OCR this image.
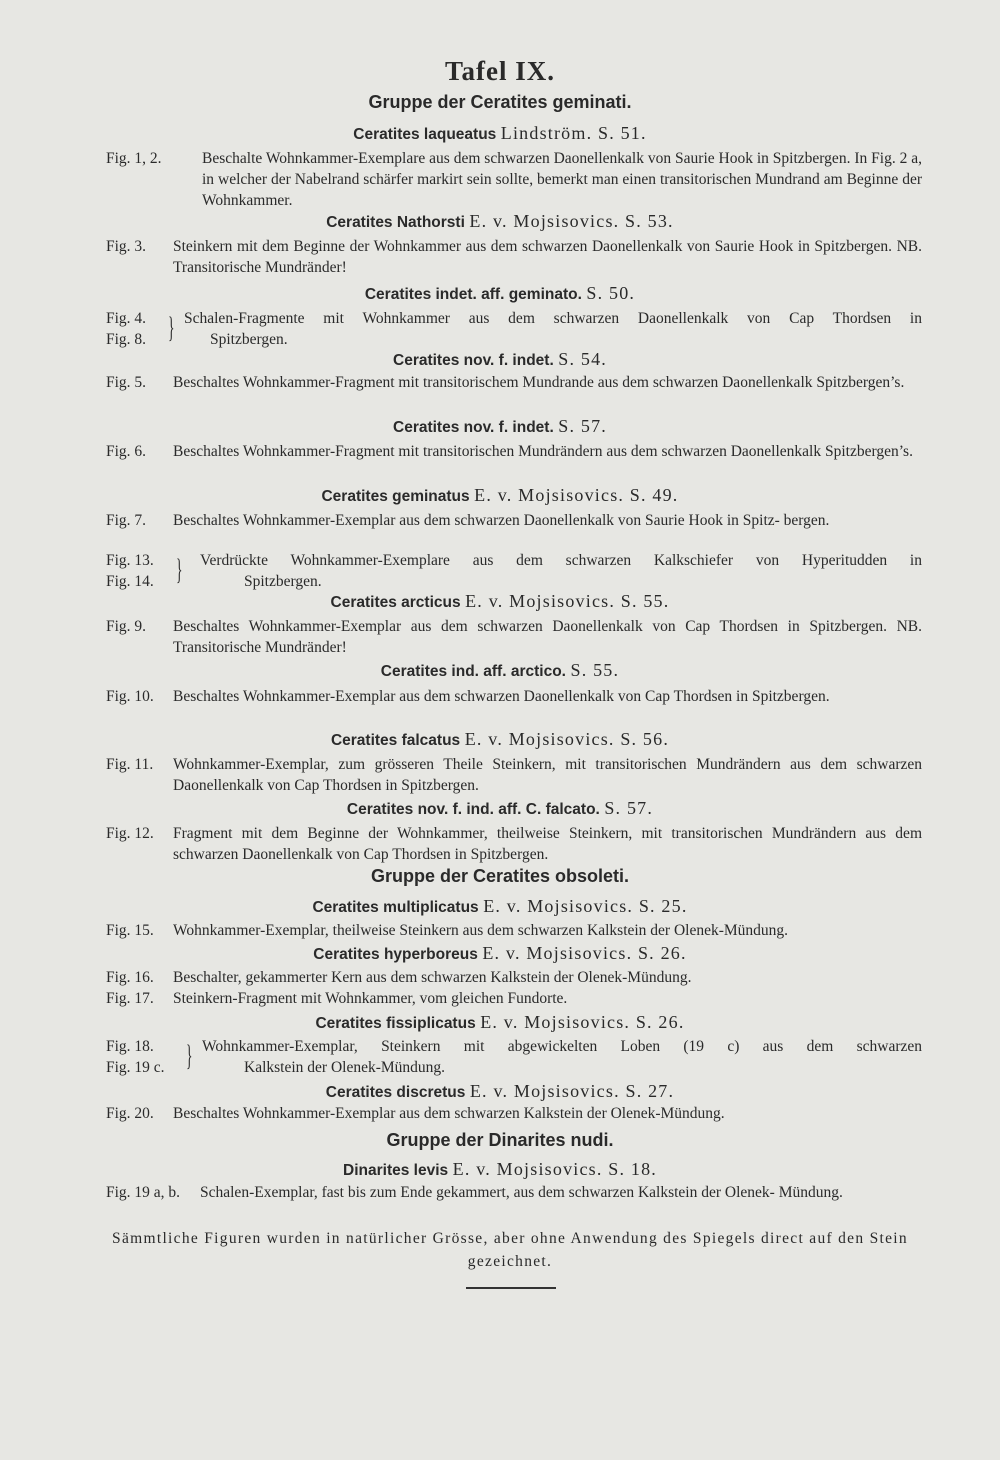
Tafel IX.
Gruppe der Ceratites geminati.
Ceratites laqueatus Lindström. S. 51.
Fig. 1, 2.	Beschalte Wohnkammer-Exemplare aus dem schwarzen Daonellenkalk von Saurie Hook in Spitzbergen. In Fig. 2 a, in welcher der Nabelrand schärfer markirt sein sollte, bemerkt man einen transitorischen Mundrand am Beginne der Wohnkammer.
Ceratites Nathorsti E. v. Mojsisovics. S. 53.
Fig. 3. Steinkern mit dem Beginne der Wohnkammer aus dem schwarzen Daonellenkalk von Saurie Hook in Spitzbergen. NB. Transitorische Mundränder!
Ceratites indet. aff. geminato. S. 50.
Fig. 4.
Fig. 8. } Schalen-Fragmente mit Wohnkammer aus dem schwarzen Daonellenkalk von Cap Thordsen in
Spitzbergen.
Ceratites nov. f. indet. S. 54.
Fig. 5. Beschaltes Wohnkammer-Fragment mit transitorischem Mundrande aus dem schwarzen Daonellenkalk Spitzbergen’s.
Ceratites nov. f. indet. S. 57.
Fig. 6. Beschaltes Wohnkammer-Fragment mit transitorischen Mundrändern aus dem schwarzen Daonellenkalk Spitzbergen’s.
Ceratites geminatus E. v. Mojsisovics. S. 49.
Fig. 7. Beschaltes Wohnkammer-Exemplar aus dem schwarzen Daonellenkalk von Saurie Hook in Spitz- bergen.
Fig. 13.
Fig. 14. } Verdrückte Wohnkammer-Exemplare aus dem schwarzen Kalkschiefer von Hyperitudden in
Spitzbergen.
Ceratites arcticus E. v. Mojsisovics. S. 55.
Fig. 9. Beschaltes Wohnkammer-Exemplar aus dem schwarzen Daonellenkalk von Cap Thordsen in Spitzbergen. NB. Transitorische Mundränder!
Ceratites ind. aff. arctico. S. 55.
Fig. 10. Beschaltes Wohnkammer-Exemplar aus dem schwarzen Daonellenkalk von Cap Thordsen in Spitzbergen.
Ceratites falcatus E. v. Mojsisovics. S. 56.
Fig. 11. Wohnkammer-Exemplar, zum grösseren Theile Steinkern, mit transitorischen Mundrändern aus dem schwarzen Daonellenkalk von Cap Thordsen in Spitzbergen.
Ceratites nov. f. ind. aff. C. falcato. S. 57.
Fig. 12. Fragment mit dem Beginne der Wohnkammer, theilweise Steinkern, mit transitorischen Mundrändern aus dem schwarzen Daonellenkalk von Cap Thordsen in Spitzbergen.
Gruppe der Ceratites obsoleti.
Ceratites multiplicatus E. v. Mojsisovics. S. 25.
Fig. 15. Wohnkammer-Exemplar, theilweise Steinkern aus dem schwarzen Kalkstein der Olenek-Mündung.
Ceratites hyperboreus E. v. Mojsisovics. S. 26.
Fig. 16. Beschalter, gekammerter Kern aus dem schwarzen Kalkstein der Olenek-Mündung.
Fig. 17. Steinkern-Fragment mit Wohnkammer, vom gleichen Fundorte.
Ceratites fissiplicatus E. v. Mojsisovics. S. 26.
Fig. 18.
Fig. 19 c. } Wohnkammer-Exemplar, Steinkern mit abgewickelten Loben (19 c) aus dem schwarzen
Kalkstein der Olenek-Mündung.
Ceratites discretus E. v. Mojsisovics. S. 27.
Fig. 20. Beschaltes Wohnkammer-Exemplar aus dem schwarzen Kalkstein der Olenek-Mündung.
Gruppe der Dinarites nudi.
Dinarites levis E. v. Mojsisovics. S. 18.
Fig. 19 a, b. Schalen-Exemplar, fast bis zum Ende gekammert, aus dem schwarzen Kalkstein der Olenek- Mündung.
Sämmtliche Figuren wurden in natürlicher Grösse, aber ohne Anwendung des Spiegels direct auf den Stein gezeichnet.
